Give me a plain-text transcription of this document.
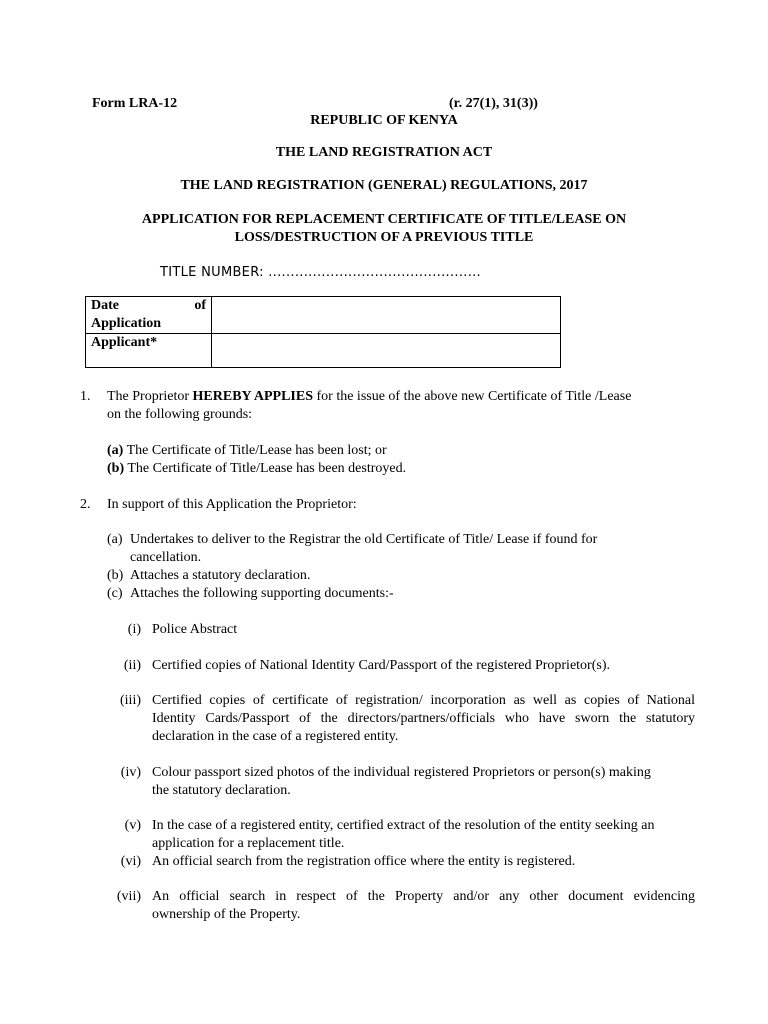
Form LRA-12	(r. 27(1), 31(3))
REPUBLIC OF KENYA
THE LAND REGISTRATION ACT
THE LAND REGISTRATION (GENERAL) REGULATIONS, 2017
APPLICATION FOR REPLACEMENT CERTIFICATE OF TITLE/LEASE ON
LOSS/DESTRUCTION OF A PREVIOUS TITLE
TITLE NUMBER: ................................................
Date of
Application	

Applicant*	
1. The Proprietor HEREBY APPLIES for the issue of the above new Certificate of Title /Lease
on the following grounds:
(a) The Certificate of Title/Lease has been lost; or
(b) The Certificate of Title/Lease has been destroyed.
2. In support of this Application the Proprietor:
(a) Undertakes to deliver to the Registrar the old Certificate of Title/ Lease if found for
cancellation.
(b) Attaches a statutory declaration.
(c) Attaches the following supporting documents:-
(i) Police Abstract
(ii) Certified copies of National Identity Card/Passport of the registered Proprietor(s).
(iii) Certified copies of certificate of registration/ incorporation as well as copies of National
Identity Cards/Passport of the directors/partners/officials who have sworn the statutory
declaration in the case of a registered entity.
(iv) Colour passport sized photos of the individual registered Proprietors or person(s) making
the statutory declaration.
(v) In the case of a registered entity, certified extract of the resolution of the entity seeking an
application for a replacement title.
(vi) An official search from the registration office where the entity is registered.
(vii) An official search in respect of the Property and/or any other document evidencing
ownership of the Property.
